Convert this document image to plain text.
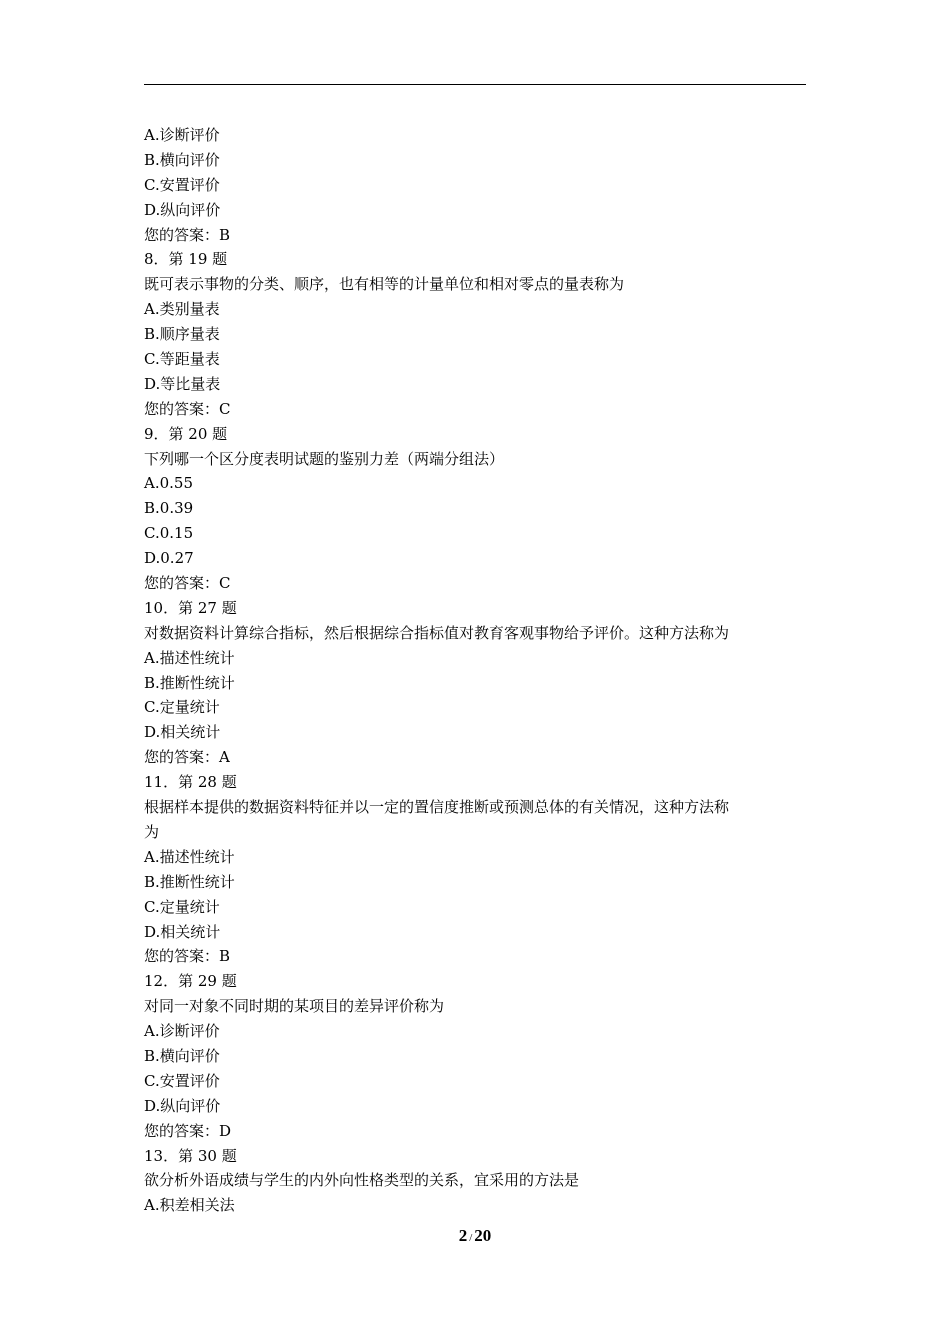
A.诊断评价
B.横向评价
C.安置评价
D.纵向评价
您的答案：B
8．第 19 题
既可表示事物的分类、顺序，也有相等的计量单位和相对零点的量表称为
A.类别量表
B.顺序量表
C.等距量表
D.等比量表
您的答案：C
9．第 20 题
下列哪一个区分度表明试题的鉴别力差（两端分组法）
A.0.55
B.0.39
C.0.15
D.0.27
您的答案：C
10．第 27 题
对数据资料计算综合指标，然后根据综合指标值对教育客观事物给予评价。这种方法称为
A.描述性统计
B.推断性统计
C.定量统计
D.相关统计
您的答案：A
11．第 28 题
根据样本提供的数据资料特征并以一定的置信度推断或预测总体的有关情况，这种方法称
为
A.描述性统计
B.推断性统计
C.定量统计
D.相关统计
您的答案：B
12．第 29 题
对同一对象不同时期的某项目的差异评价称为
A.诊断评价
B.横向评价
C.安置评价
D.纵向评价
您的答案：D
13．第 30 题
欲分析外语成绩与学生的内外向性格类型的关系，宜采用的方法是
A.积差相关法
2 / 20
